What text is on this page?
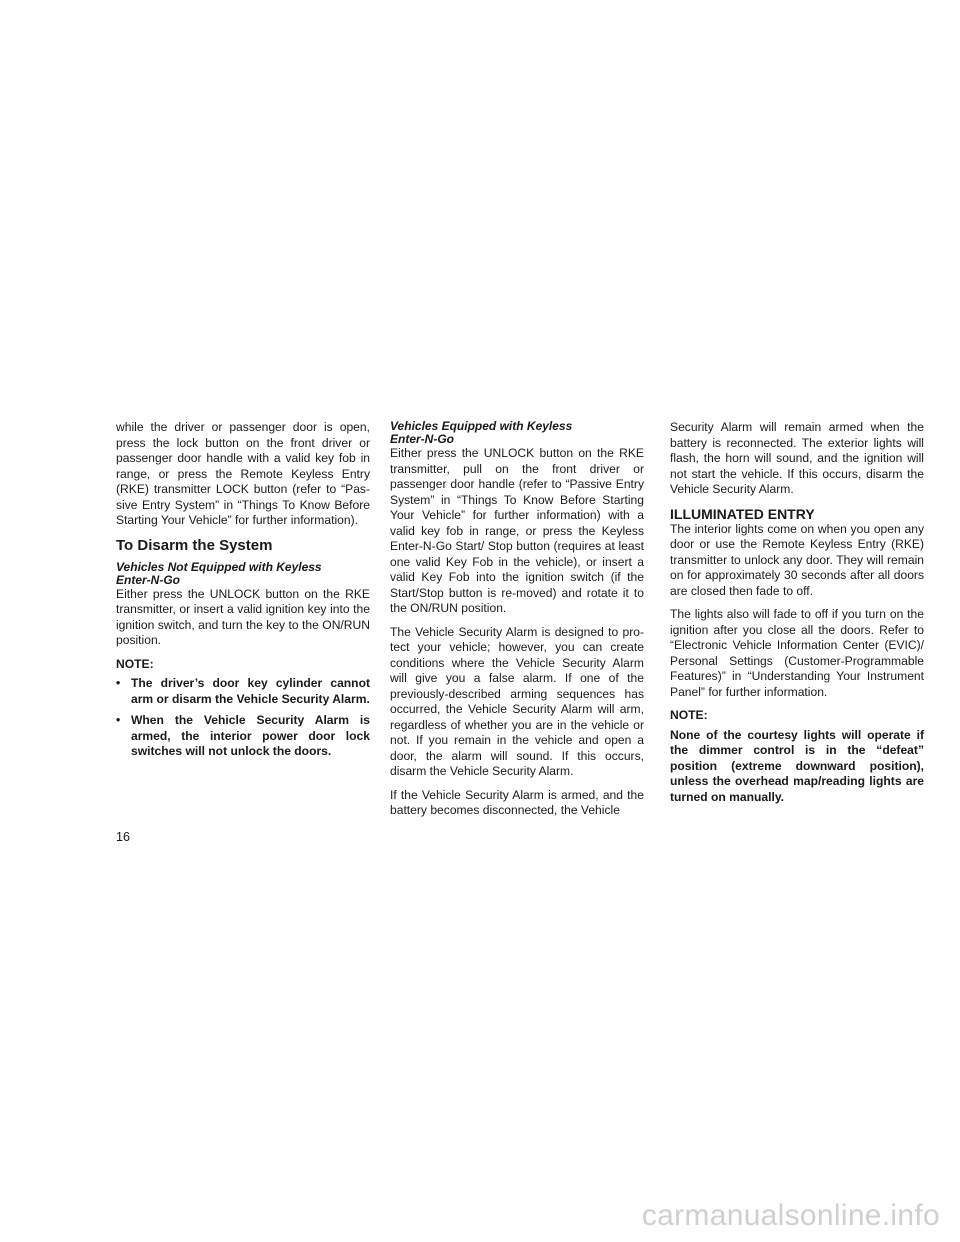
while the driver or passenger door is open, press the lock button on the front driver or passenger door handle with a valid key fob in range, or press the Remote Keyless Entry (RKE) transmitter LOCK button (refer to “Pas-sive Entry System” in “Things To Know Before Starting Your Vehicle” for further information).

To Disarm the System
Vehicles Not Equipped with Keyless
Enter-N-Go

Either press the UNLOCK button on the RKE transmitter, or insert a valid ignition key into the ignition switch, and turn the key to the ON/RUN position.

NOTE:
• The driver’s door key cylinder cannot arm or disarm the Vehicle Security Alarm.
• When the Vehicle Security Alarm is armed, the interior power door lock switches will not unlock the doors.
Vehicles Equipped with Keyless
Enter-N-Go

Either press the UNLOCK button on the RKE transmitter, pull on the front driver or passenger door handle (refer to “Passive Entry System” in “Things To Know Before Starting Your Vehicle” for further information) with a valid key fob in range, or press the Keyless Enter-N-Go Start/ Stop button (requires at least one valid Key Fob in the vehicle), or insert a valid Key Fob into the ignition switch (if the Start/Stop button is re-moved) and rotate it to the ON/RUN position.

The Vehicle Security Alarm is designed to pro-tect your vehicle; however, you can create conditions where the Vehicle Security Alarm will give you a false alarm. If one of the previously-described arming sequences has occurred, the Vehicle Security Alarm will arm, regardless of whether you are in the vehicle or not. If you remain in the vehicle and open a door, the alarm will sound. If this occurs, disarm the Vehicle Security Alarm.

If the Vehicle Security Alarm is armed, and the battery becomes disconnected, the Vehicle

Security Alarm will remain armed when the battery is reconnected. The exterior lights will flash, the horn will sound, and the ignition will not start the vehicle. If this occurs, disarm the Vehicle Security Alarm.

ILLUMINATED ENTRY

The interior lights come on when you open any door or use the Remote Keyless Entry (RKE) transmitter to unlock any door. They will remain on for approximately 30 seconds after all doors are closed then fade to off.

The lights also will fade to off if you turn on the ignition after you close all the doors. Refer to “Electronic Vehicle Information Center (EVIC)/ Personal Settings (Customer-Programmable Features)” in “Understanding Your Instrument Panel” for further information.

NOTE:

None of the courtesy lights will operate if the dimmer control is in the “defeat” position (extreme downward position), unless the overhead map/reading lights are turned on manually.

16
carmanualsonline.info
